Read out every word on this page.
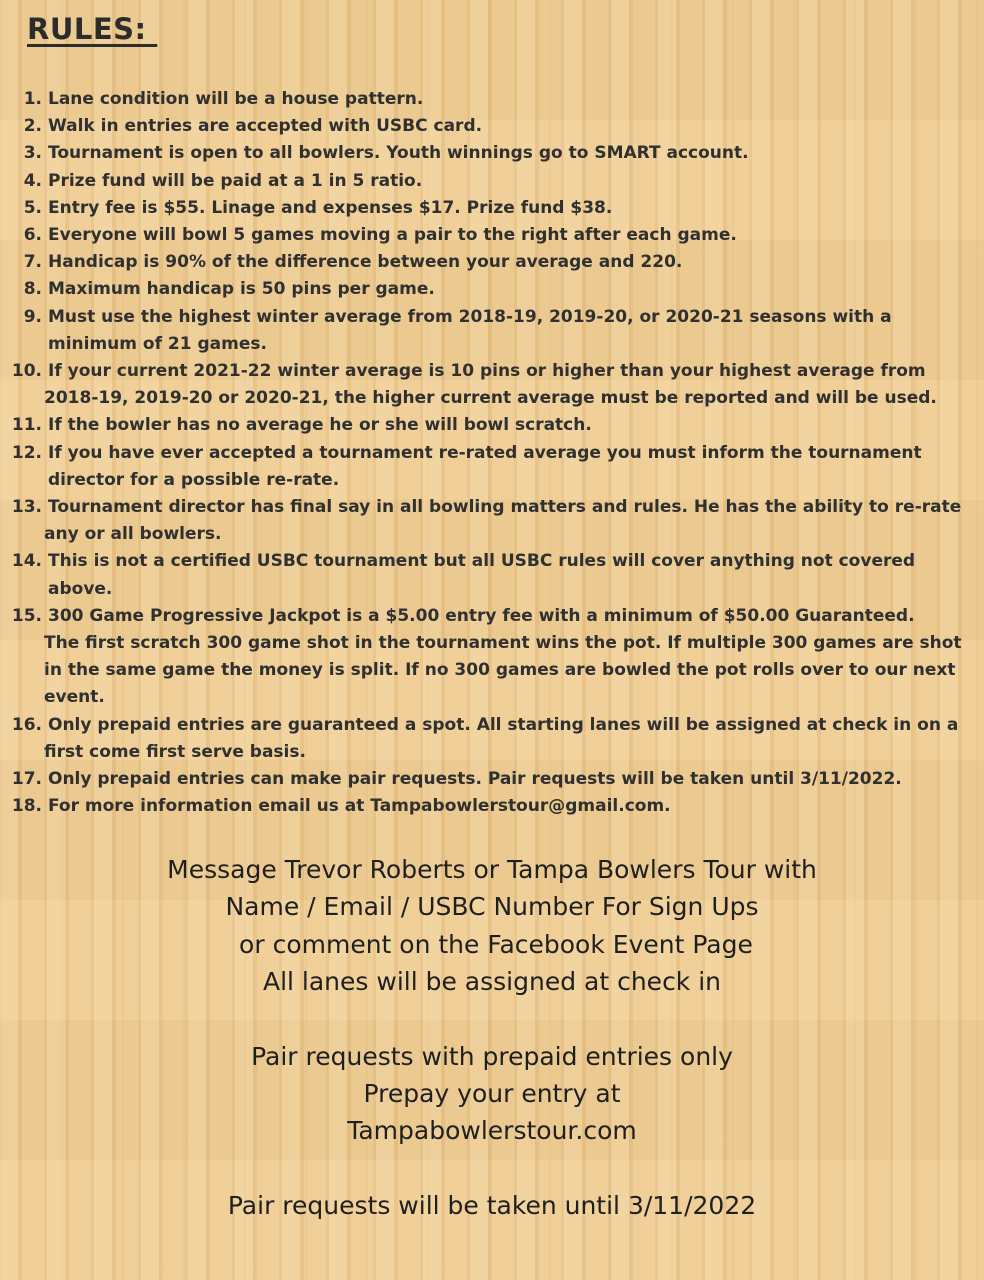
RULES:
1. Lane condition will be a house pattern.
2. Walk in entries are accepted with USBC card.
3. Tournament is open to all bowlers. Youth winnings go to SMART account.
4. Prize fund will be paid at a 1 in 5 ratio.
5. Entry fee is $55. Linage and expenses $17. Prize fund $38.
6. Everyone will bowl 5 games moving a pair to the right after each game.
7. Handicap is 90% of the difference between your average and 220.
8. Maximum handicap is 50 pins per game.
9. Must use the highest winter average from 2018-19, 2019-20, or 2020-21 seasons with a
minimum of 21 games.
10. If your current 2021-22 winter average is 10 pins or higher than your highest average from
2018-19, 2019-20 or 2020-21, the higher current average must be reported and will be used.
11. If the bowler has no average he or she will bowl scratch.
12. If you have ever accepted a tournament re-rated average you must inform the tournament
director for a possible re-rate.
13. Tournament director has final say in all bowling matters and rules. He has the ability to re-rate
any or all bowlers.
14. This is not a certified USBC tournament but all USBC rules will cover anything not covered
above.
15. 300 Game Progressive Jackpot is a $5.00 entry fee with a minimum of $50.00 Guaranteed.
The first scratch 300 game shot in the tournament wins the pot. If multiple 300 games are shot
in the same game the money is split. If no 300 games are bowled the pot rolls over to our next
event.
16. Only prepaid entries are guaranteed a spot. All starting lanes will be assigned at check in on a
first come first serve basis.
17. Only prepaid entries can make pair requests. Pair requests will be taken until 3/11/2022.
18. For more information email us at Tampabowlerstour@gmail.com.
Message Trevor Roberts or Tampa Bowlers Tour with
Name / Email / USBC Number For Sign Ups
or comment on the Facebook Event Page
All lanes will be assigned at check in
Pair requests with prepaid entries only
Prepay your entry at
Tampabowlerstour.com
Pair requests will be taken until 3/11/2022
